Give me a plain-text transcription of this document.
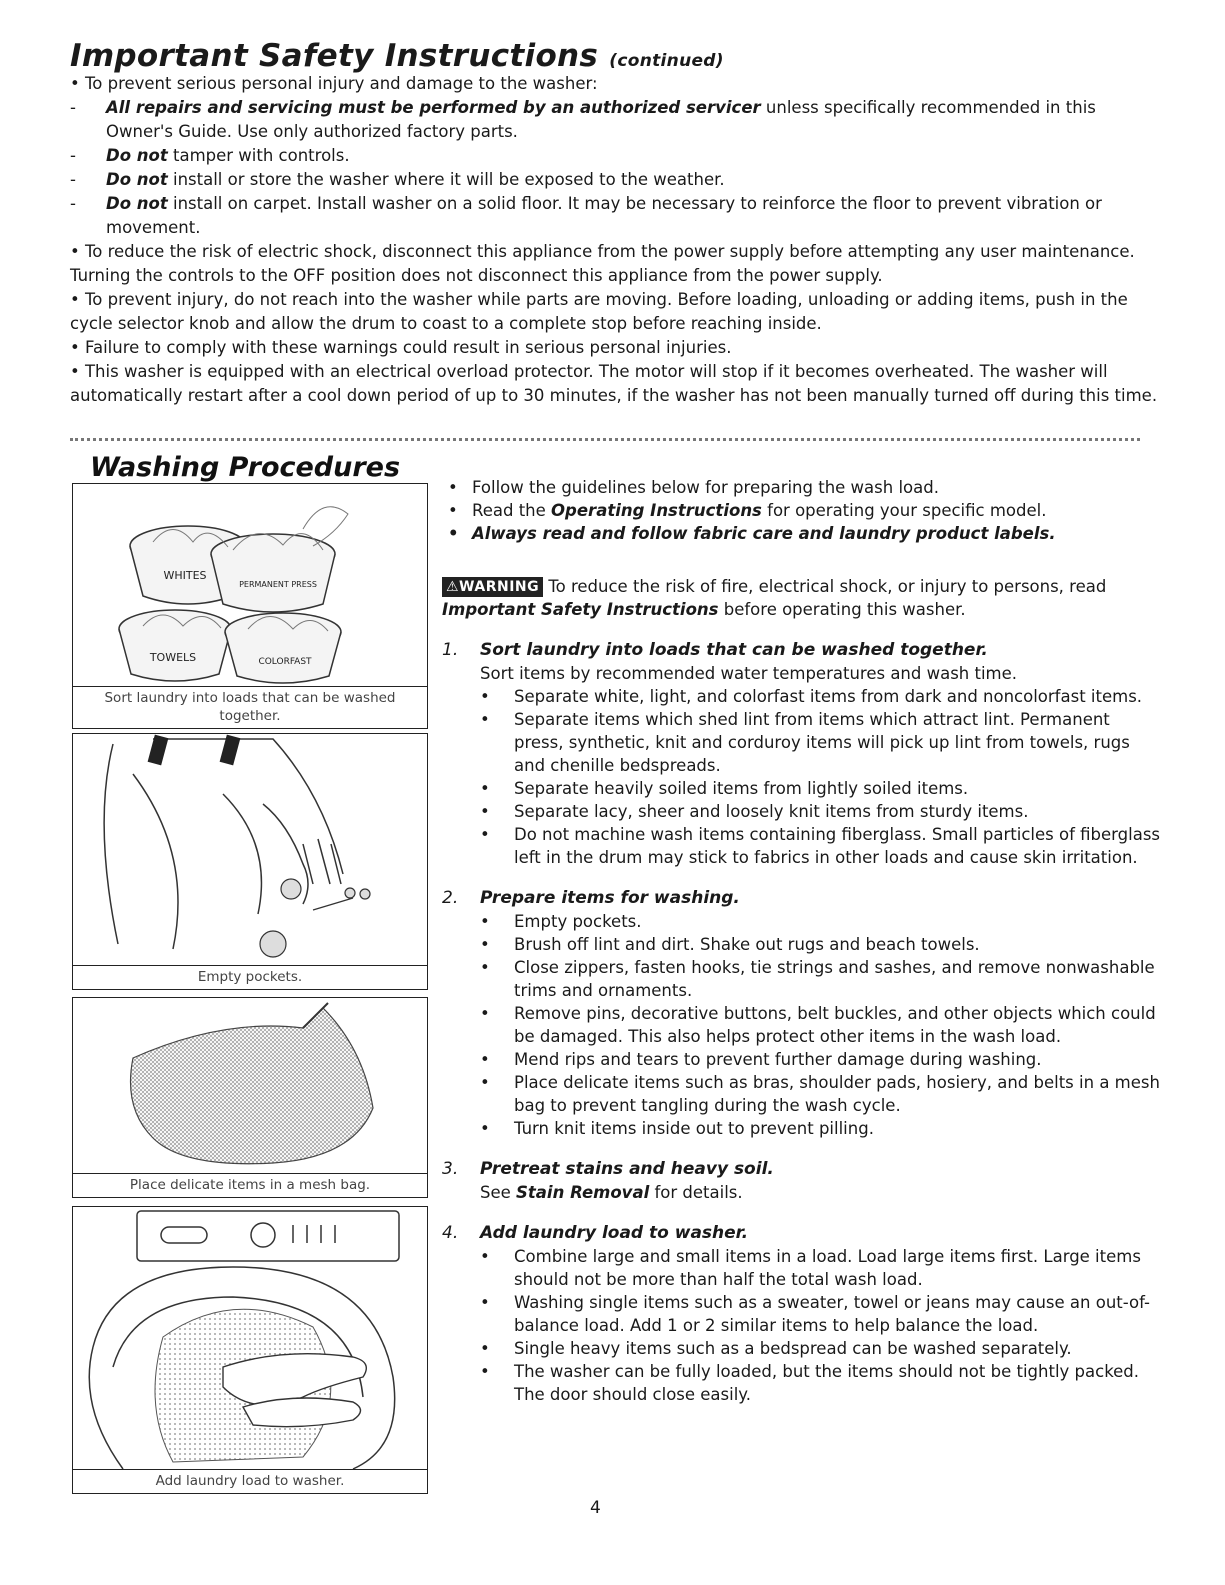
Important Safety Instructions (continued)

• To prevent serious personal injury and damage to the washer:

- All repairs and servicing must be performed by an authorized servicer unless specifically recommended in this Owner's Guide. Use only authorized factory parts.

- Do not tamper with controls.

- Do not install or store the washer where it will be exposed to the weather.

- Do not install on carpet. Install washer on a solid floor. It may be necessary to reinforce the floor to prevent vibration or movement.

• To reduce the risk of electric shock, disconnect this appliance from the power supply before attempting any user maintenance. Turning the controls to the OFF position does not disconnect this appliance from the power supply.

• To prevent injury, do not reach into the washer while parts are moving. Before loading, unloading or adding items, push in the cycle selector knob and allow the drum to coast to a complete stop before reaching inside.

• Failure to comply with these warnings could result in serious personal injuries.

• This washer is equipped with an electrical overload protector. The motor will stop if it becomes overheated. The washer will automatically restart after a cool down period of up to 30 minutes, if the washer has not been manually turned off during this time.

Washing Procedures
WHITES
PERMANENT PRESS
TOWELS	COLORFAST
Sort laundry into loads that can be washed together.
Empty pockets.
Place delicate items in a mesh bag.
Add laundry load to washer.

• Follow the guidelines below for preparing the wash load.

• Read the Operating Instructions for operating your specific model.

• Always read and follow fabric care and laundry product labels.

⚠WARNING To reduce the risk of fire, electrical shock, or injury to persons, read Important Safety Instructions before operating this washer.

1. Sort laundry into loads that can be washed together.

Sort items by recommended water temperatures and wash time.

• Separate white, light, and colorfast items from dark and noncolorfast items.

• Separate items which shed lint from items which attract lint. Permanent press, synthetic, knit and corduroy items will pick up lint from towels, rugs and chenille bedspreads.

• Separate heavily soiled items from lightly soiled items.

• Separate lacy, sheer and loosely knit items from sturdy items.

• Do not machine wash items containing fiberglass. Small particles of fiberglass left in the drum may stick to fabrics in other loads and cause skin irritation.

2. Prepare items for washing.

• Empty pockets.

• Brush off lint and dirt. Shake out rugs and beach towels.

• Close zippers, fasten hooks, tie strings and sashes, and remove nonwashable trims and ornaments.

• Remove pins, decorative buttons, belt buckles, and other objects which could be damaged. This also helps protect other items in the wash load.

• Mend rips and tears to prevent further damage during washing.

• Place delicate items such as bras, shoulder pads, hosiery, and belts in a mesh bag to prevent tangling during the wash cycle.

• Turn knit items inside out to prevent pilling.

3. Pretreat stains and heavy soil.

See Stain Removal for details.

4. Add laundry load to washer.

• Combine large and small items in a load. Load large items first. Large items should not be more than half the total wash load.

• Washing single items such as a sweater, towel or jeans may cause an out-of-balance load. Add 1 or 2 similar items to help balance the load.

• Single heavy items such as a bedspread can be washed separately.

• The washer can be fully loaded, but the items should not be tightly packed. The door should close easily.

4
